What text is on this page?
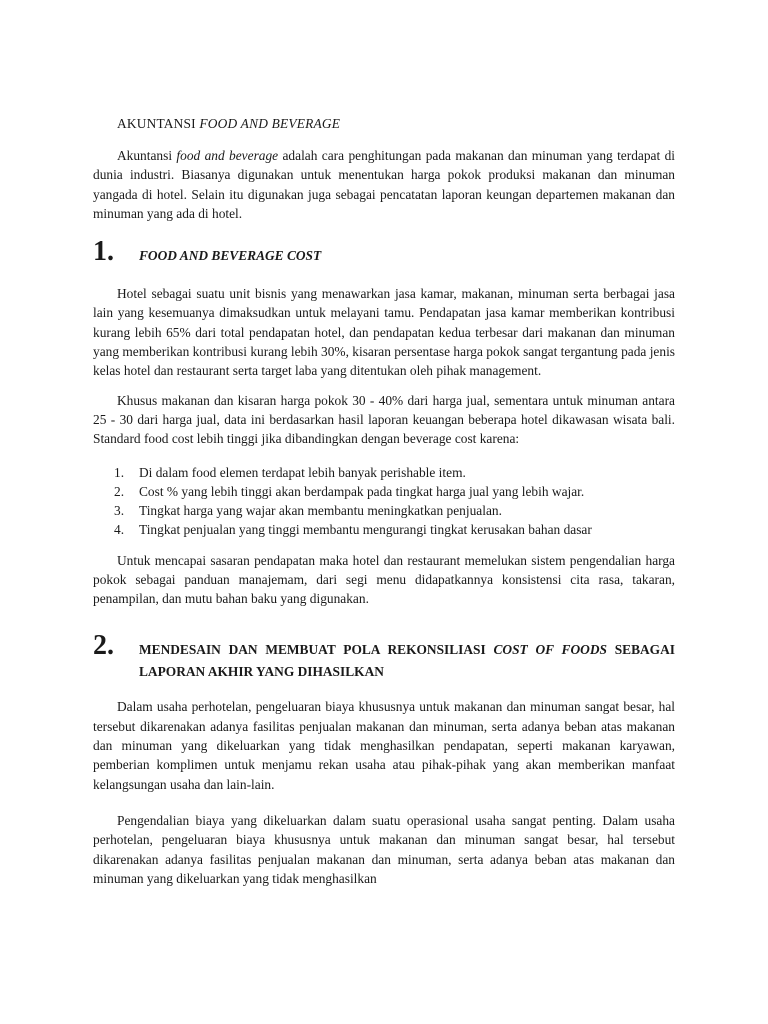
AKUNTANSI FOOD AND BEVERAGE

Akuntansi food and beverage adalah cara penghitungan pada makanan dan minuman yang terdapat di dunia industri. Biasanya digunakan untuk menentukan harga pokok produksi makanan dan minuman yangada di hotel. Selain itu digunakan juga sebagai pencatatan laporan keungan departemen makanan dan minuman yang ada di hotel.

1.	FOOD AND BEVERAGE COST

Hotel sebagai suatu unit bisnis yang menawarkan jasa kamar, makanan, minuman serta berbagai jasa lain yang kesemuanya dimaksudkan untuk melayani tamu. Pendapatan jasa kamar memberikan kontribusi kurang lebih 65% dari total pendapatan hotel, dan pendapatan kedua terbesar dari makanan dan minuman yang memberikan kontribusi kurang lebih 30%, kisaran persentase harga pokok sangat tergantung pada jenis kelas hotel dan restaurant serta target laba yang ditentukan oleh pihak management.

Khusus makanan dan kisaran harga pokok 30 - 40% dari harga jual, sementara untuk minuman antara 25 - 30 dari harga jual, data ini berdasarkan hasil laporan keuangan beberapa hotel dikawasan wisata bali. Standard food cost lebih tinggi jika dibandingkan dengan beverage cost karena:

1.	Di dalam food elemen terdapat lebih banyak perishable item.
2.	Cost % yang lebih tinggi akan berdampak pada tingkat harga jual yang lebih wajar.
3.	Tingkat harga yang wajar akan membantu meningkatkan penjualan.
4.	Tingkat penjualan yang tinggi membantu mengurangi tingkat kerusakan bahan dasar

Untuk mencapai sasaran pendapatan maka hotel dan restaurant memelukan sistem pengendalian harga pokok sebagai panduan manajemam, dari segi menu didapatkannya konsistensi cita rasa, takaran, penampilan, dan mutu bahan baku yang digunakan.

2.	MENDESAIN DAN MEMBUAT POLA REKONSILIASI COST OF FOODS SEBAGAI LAPORAN AKHIR YANG DIHASILKAN

Dalam usaha perhotelan, pengeluaran biaya khususnya untuk makanan dan minuman sangat besar, hal tersebut dikarenakan adanya fasilitas penjualan makanan dan minuman, serta adanya beban atas makanan dan minuman yang dikeluarkan yang tidak menghasilkan pendapatan, seperti makanan karyawan, pemberian komplimen untuk menjamu rekan usaha atau pihak-pihak yang akan memberikan manfaat kelangsungan usaha dan lain-lain.

Pengendalian biaya yang dikeluarkan dalam suatu operasional usaha sangat penting. Dalam usaha perhotelan, pengeluaran biaya khususnya untuk makanan dan minuman sangat besar, hal tersebut dikarenakan adanya fasilitas penjualan makanan dan minuman, serta adanya beban atas makanan dan minuman yang dikeluarkan yang tidak menghasilkan
